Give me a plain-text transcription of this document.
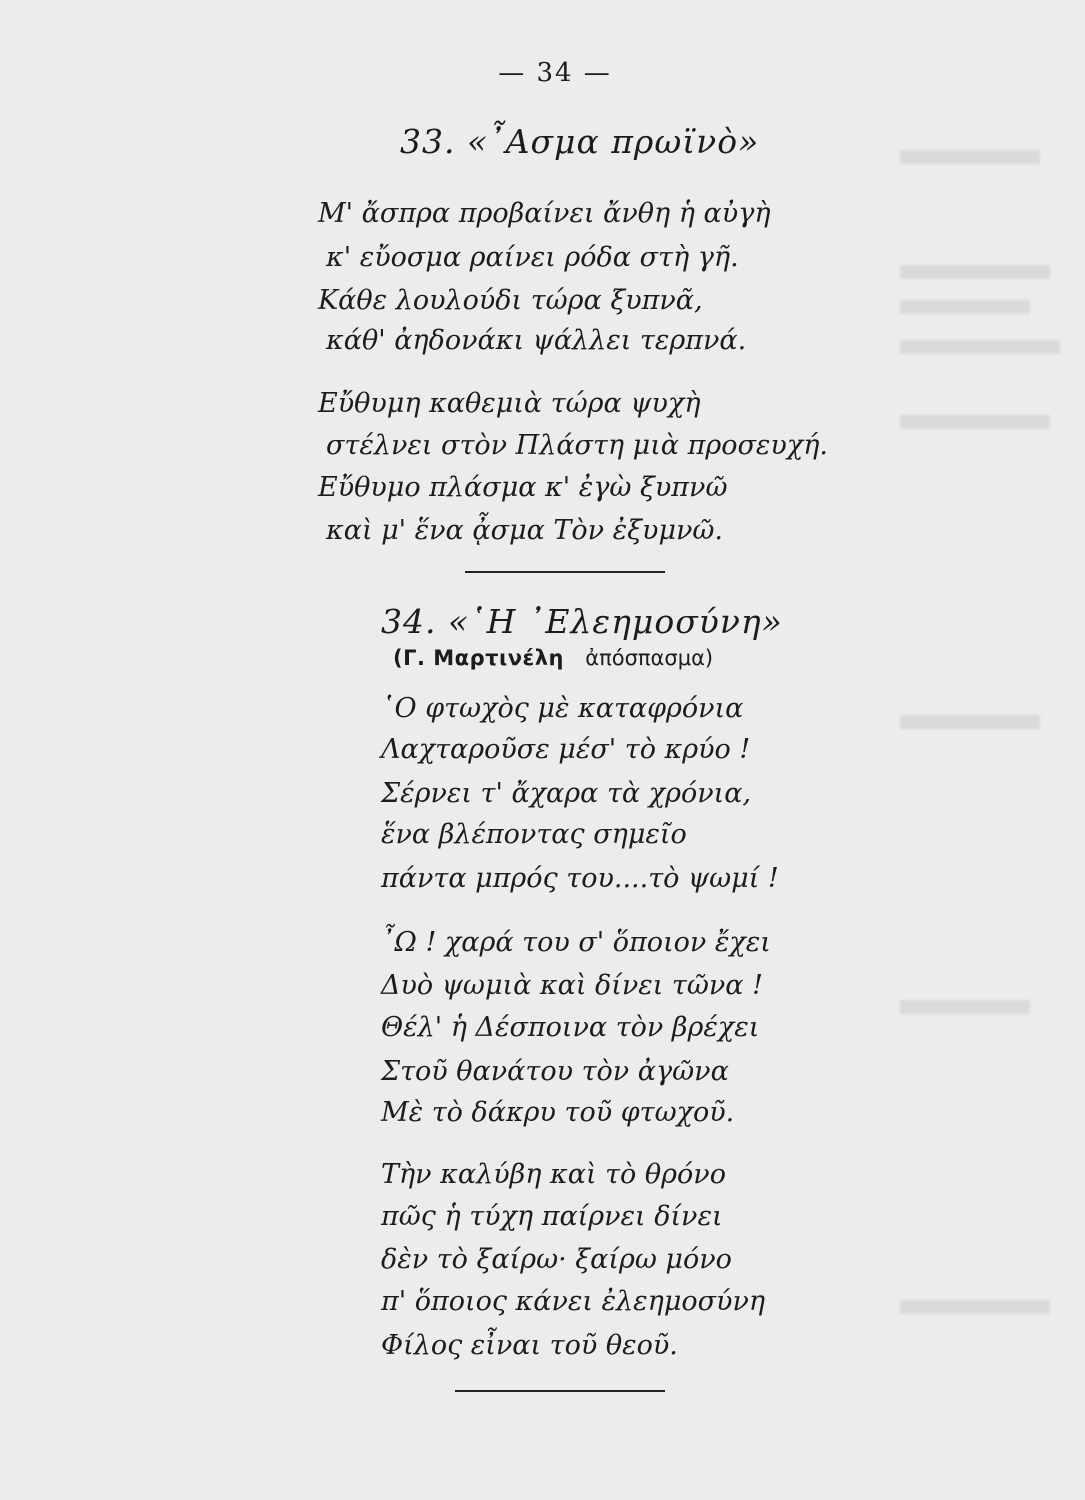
— 34 —
33. «῏Ασμα πρωϊνὸ»
Μ' ἄσπρα προβαίνει ἄνθη ἡ αὐγὴ
κ' εὔοσμα ραίνει ρόδα στὴ γῆ.
Κάθε λουλούδι τώρα ξυπνᾶ,
κάθ' ἀηδονάκι ψάλλει τερπνά.
Εὔθυμη καθεμιὰ τώρα ψυχὴ
στέλνει στὸν Πλάστη μιὰ προσευχή.
Εὔθυμο πλάσμα κ' ἐγὼ ξυπνῶ
καὶ μ' ἕνα ᾆσμα Τὸν ἐξυμνῶ.
34. «῾Η ᾿Ελεημοσύνη»
(Γ. Μαρτινέλη ἀπόσπασμα)
῾Ο φτωχὸς μὲ καταφρόνια
Λαχταροῦσε μέσ' τὸ κρύο !
Σέρνει τ' ἄχαρα τὰ χρόνια,
ἕνα βλέποντας σημεῖο
πάντα μπρός του....τὸ ψωμί !
῏Ω ! χαρά του σ' ὅποιον ἔχει
Δυὸ ψωμιὰ καὶ δίνει τῶνα !
Θέλ' ἡ Δέσποινα τὸν βρέχει
Στοῦ θανάτου τὸν ἀγῶνα
Μὲ τὸ δάκρυ τοῦ φτωχοῦ.
Τὴν καλύβη καὶ τὸ θρόνο
πῶς ἡ τύχη παίρνει δίνει
δὲν τὸ ξαίρω· ξαίρω μόνο
π' ὅποιος κάνει ἐλεημοσύνη
Φίλος εἶναι τοῦ θεοῦ.
